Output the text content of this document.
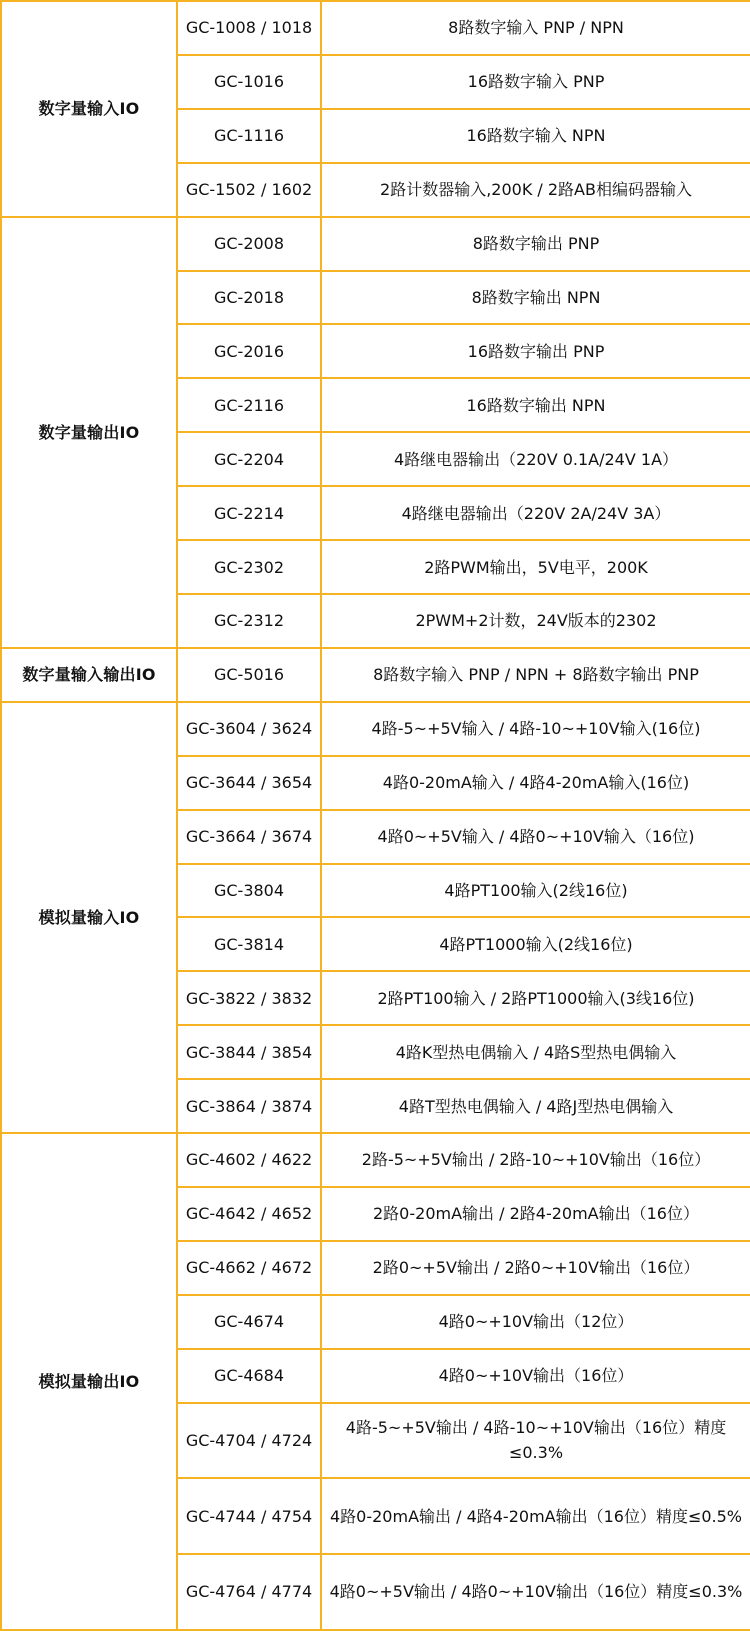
数字量输入IO	GC-1008 / 1018	8路数字输入 PNP / NPN
	GC-1016	16路数字输入 PNP
	GC-1116	16路数字输入 NPN
	GC-1502 / 1602	2路计数器输入,200K / 2路AB相编码器输入
数字量输出IO	GC-2008	8路数字输出 PNP
	GC-2018	8路数字输出 NPN
	GC-2016	16路数字输出 PNP
	GC-2116	16路数字输出 NPN
	GC-2204	4路继电器输出（220V 0.1A/24V 1A）
	GC-2214	4路继电器输出（220V 2A/24V 3A）
	GC-2302	2路PWM输出，5V电平，200K
	GC-2312	2PWM+2计数，24V版本的2302
数字量输入输出IO	GC-5016	8路数字输入 PNP / NPN + 8路数字输出 PNP
模拟量输入IO	GC-3604 / 3624	4路-5~+5V输入 / 4路-10~+10V输入(16位)
	GC-3644 / 3654	4路0-20mA输入 / 4路4-20mA输入(16位)
	GC-3664 / 3674	4路0~+5V输入 / 4路0~+10V输入（16位)
	GC-3804	4路PT100输入(2线16位)
	GC-3814	4路PT1000输入(2线16位)
	GC-3822 / 3832	2路PT100输入 / 2路PT1000输入(3线16位)
	GC-3844 / 3854	4路K型热电偶输入 / 4路S型热电偶输入
	GC-3864 / 3874	4路T型热电偶输入 / 4路J型热电偶输入
模拟量输出IO	GC-4602 / 4622	2路-5~+5V输出 / 2路-10~+10V输出（16位）
	GC-4642 / 4652	2路0-20mA输出 / 2路4-20mA输出（16位）
	GC-4662 / 4672	2路0~+5V输出 / 2路0~+10V输出（16位）
	GC-4674	4路0~+10V输出（12位）
	GC-4684	4路0~+10V输出（16位）
	GC-4704 / 4724	4路-5~+5V输出 / 4路-10~+10V输出（16位）精度≤0.3%
	GC-4744 / 4754	4路0-20mA输出 / 4路4-20mA输出（16位）精度≤0.5%
	GC-4764 / 4774	4路0~+5V输出 / 4路0~+10V输出（16位）精度≤0.3%
